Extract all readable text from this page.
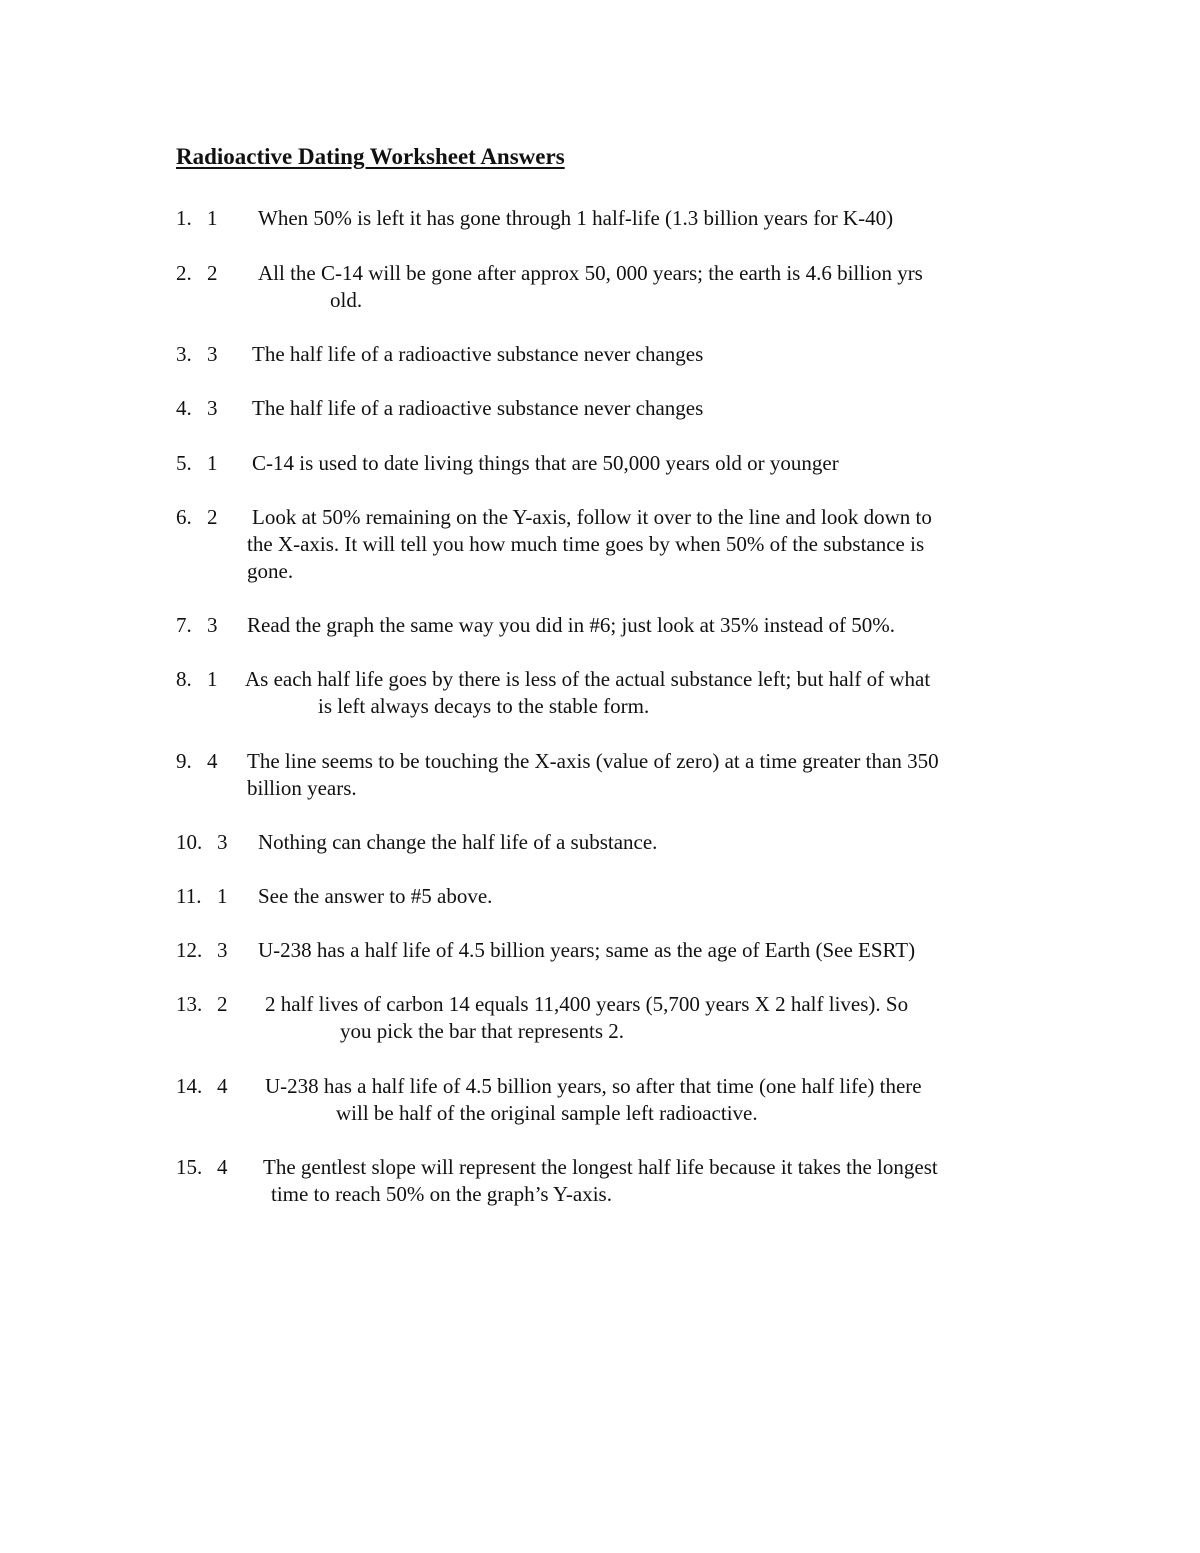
Radioactive Dating Worksheet Answers
1. 1 When 50% is left it has gone through 1 half-life (1.3 billion years for K-40)
2. 2 All the C-14 will be gone after approx 50, 000 years; the earth is 4.6 billion yrs
old.
3. 3 The half life of a radioactive substance never changes
4. 3 The half life of a radioactive substance never changes
5. 1 C-14 is used to date living things that are 50,000 years old or younger
6. 2 Look at 50% remaining on the Y-axis, follow it over to the line and look down to
the X-axis. It will tell you how much time goes by when 50% of the substance is
gone.
7. 3 Read the graph the same way you did in #6; just look at 35% instead of 50%.
8. 1 As each half life goes by there is less of the actual substance left; but half of what
is left always decays to the stable form.
9. 4 The line seems to be touching the X-axis (value of zero) at a time greater than 350
billion years.
10. 3 Nothing can change the half life of a substance.
11. 1 See the answer to #5 above.
12. 3 U-238 has a half life of 4.5 billion years; same as the age of Earth (See ESRT)
13. 2 2 half lives of carbon 14 equals 11,400 years (5,700 years X 2 half lives). So
you pick the bar that represents 2.
14. 4 U-238 has a half life of 4.5 billion years, so after that time (one half life) there
will be half of the original sample left radioactive.
15. 4 The gentlest slope will represent the longest half life because it takes the longest
time to reach 50% on the graph’s Y-axis.
